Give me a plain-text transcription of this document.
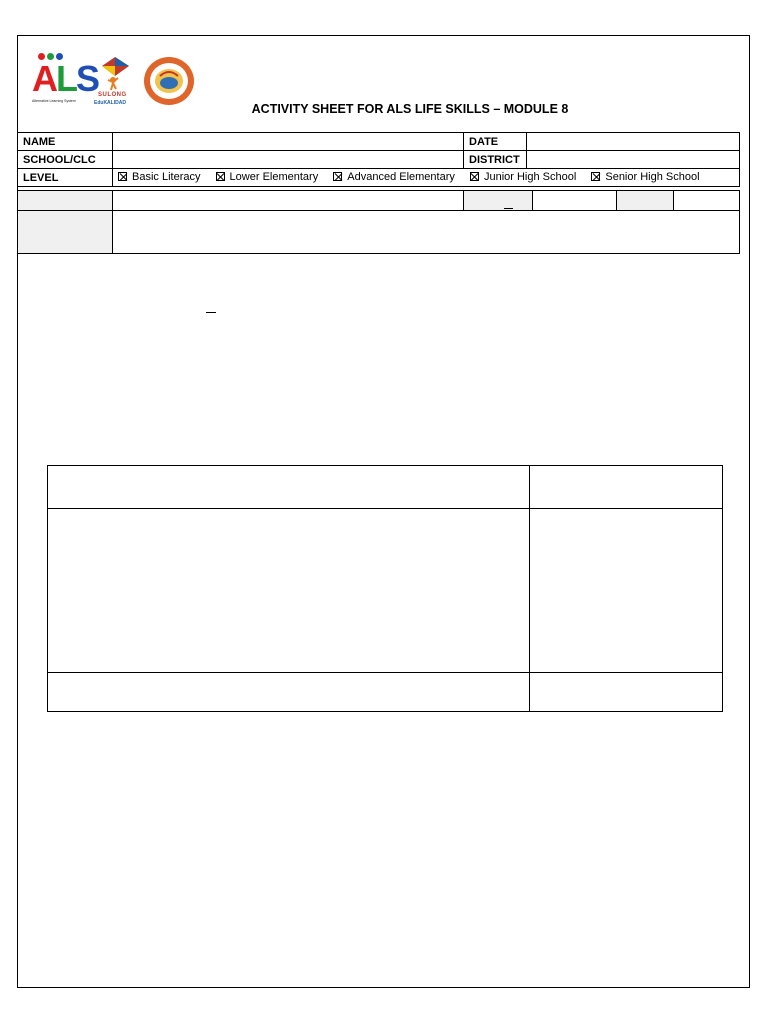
ALS
Alternative Learning System
SULONG
EduKALIDAD	ACTIVITY SHEET FOR ALS LIFE SKILLS – MODULE 8
NAME		DATE	
SCHOOL/CLC		DISTRICT	
LEVEL	Basic Literacy
Lower Elementary
Advanced Elementary
Junior High School
Senior High School		
